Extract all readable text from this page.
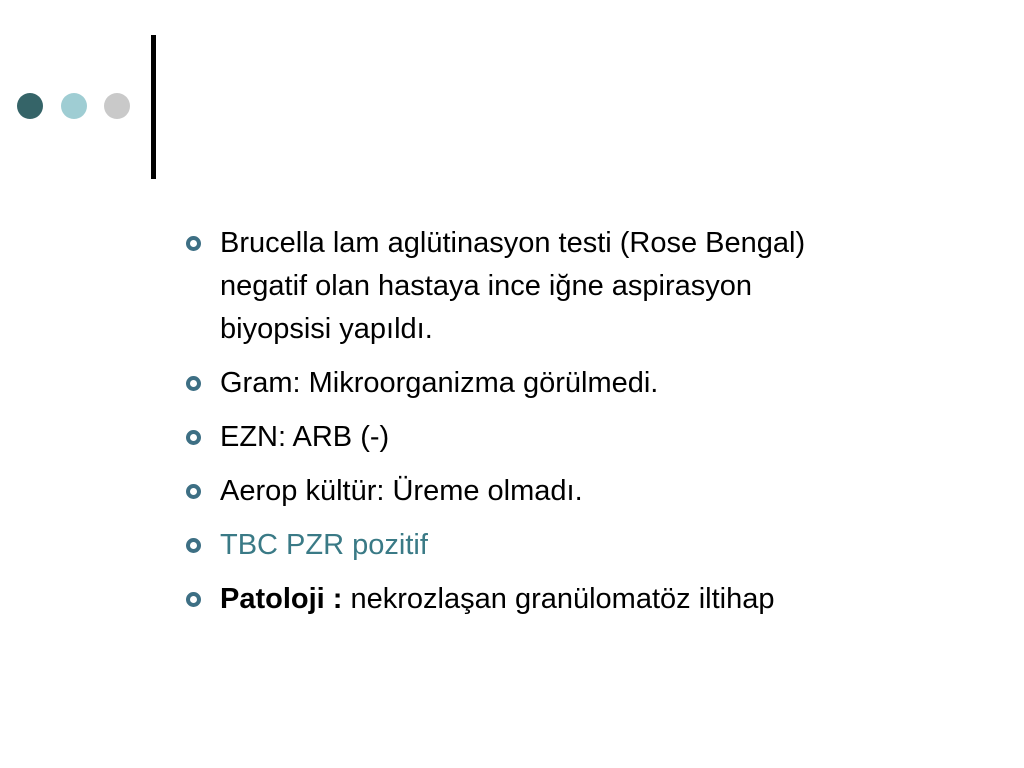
Brucella lam aglütinasyon testi (Rose Bengal) negatif olan hastaya ince iğne aspirasyon biyopsisi yapıldı.
Gram: Mikroorganizma görülmedi.
EZN: ARB (-)
Aerop kültür: Üreme olmadı.
TBC PZR pozitif
Patoloji : nekrozlaşan granülomatöz iltihap
